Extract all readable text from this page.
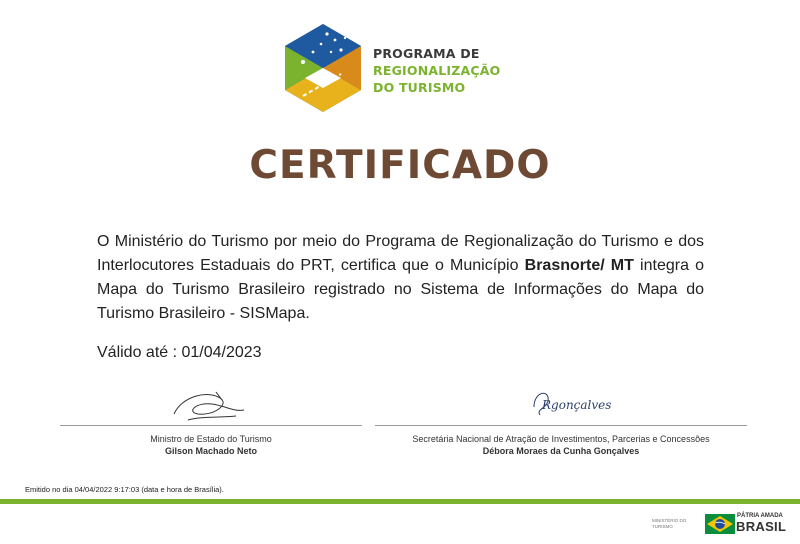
PROGRAMA DE
REGIONALIZAÇÃO
DO TURISMO
CERTIFICADO
O Ministério do Turismo por meio do Programa de Regionalização do Turismo e dos Interlocutores Estaduais do PRT, certifica que o Município Brasnorte/ MT integra o Mapa do Turismo Brasileiro registrado no Sistema de Informações do Mapa do Turismo Brasileiro - SISMapa.
Válido até : 01/04/2023
Rgonçalves
Ministro de Estado do Turismo
Gilson Machado Neto
Secretária Nacional de Atração de Investimentos, Parcerias e Concessões
Débora Moraes da Cunha Gonçalves
Emitido no dia 04/04/2022 9:17:03 (data e hora de Brasília).
MINISTÉRIO DO
TURISMO
PÁTRIA AMADA
BRASIL
